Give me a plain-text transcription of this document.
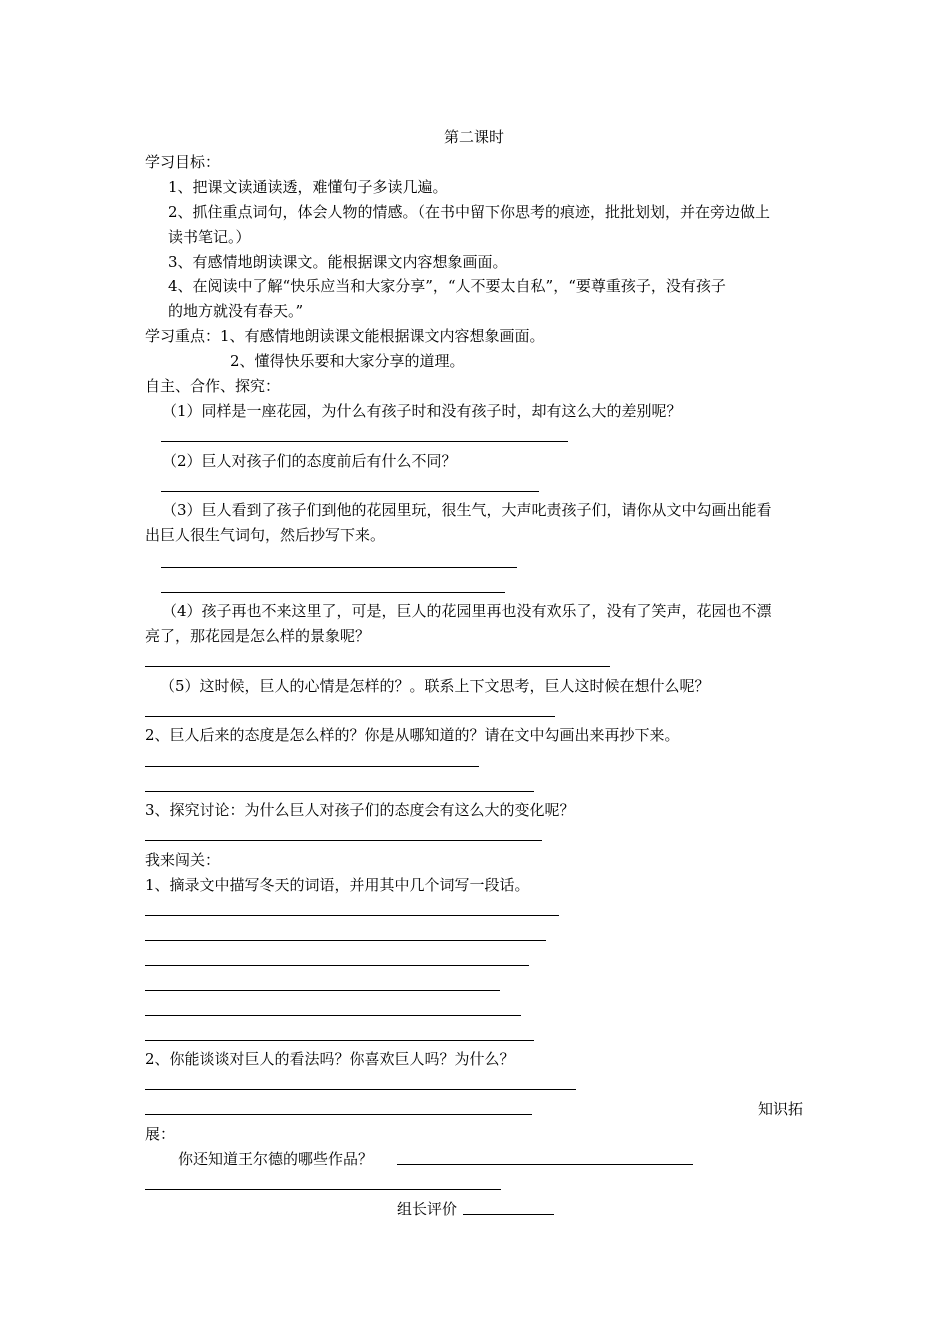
第二课时
学习目标：
1、把课文读通读透，难懂句子多读几遍。
2、抓住重点词句，体会人物的情感。（在书中留下你思考的痕迹，批批划划，并在旁边做上
读书笔记。）
3、有感情地朗读课文。能根据课文内容想象画面。
4、在阅读中了解“快乐应当和大家分享”，“人不要太自私”，“要尊重孩子，没有孩子
的地方就没有春天。”
学习重点：1、有感情地朗读课文能根据课文内容想象画面。
2、懂得快乐要和大家分享的道理。
自主、合作、探究：
（1）同样是一座花园，为什么有孩子时和没有孩子时，却有这么大的差别呢？
（2）巨人对孩子们的态度前后有什么不同？
（3）巨人看到了孩子们到他的花园里玩，很生气，大声叱责孩子们，请你从文中勾画出能看
出巨人很生气词句，然后抄写下来。
（4）孩子再也不来这里了，可是，巨人的花园里再也没有欢乐了，没有了笑声，花园也不漂
亮了，那花园是怎么样的景象呢？
（5）这时候，巨人的心情是怎样的？。联系上下文思考，巨人这时候在想什么呢？
2、巨人后来的态度是怎么样的？你是从哪知道的？请在文中勾画出来再抄下来。
3、探究讨论：为什么巨人对孩子们的态度会有这么大的变化呢？
我来闯关：
1、摘录文中描写冬天的词语，并用其中几个词写一段话。
2、你能谈谈对巨人的看法吗？你喜欢巨人吗？为什么？
知识拓
展：
你还知道王尔德的哪些作品？
组长评价
